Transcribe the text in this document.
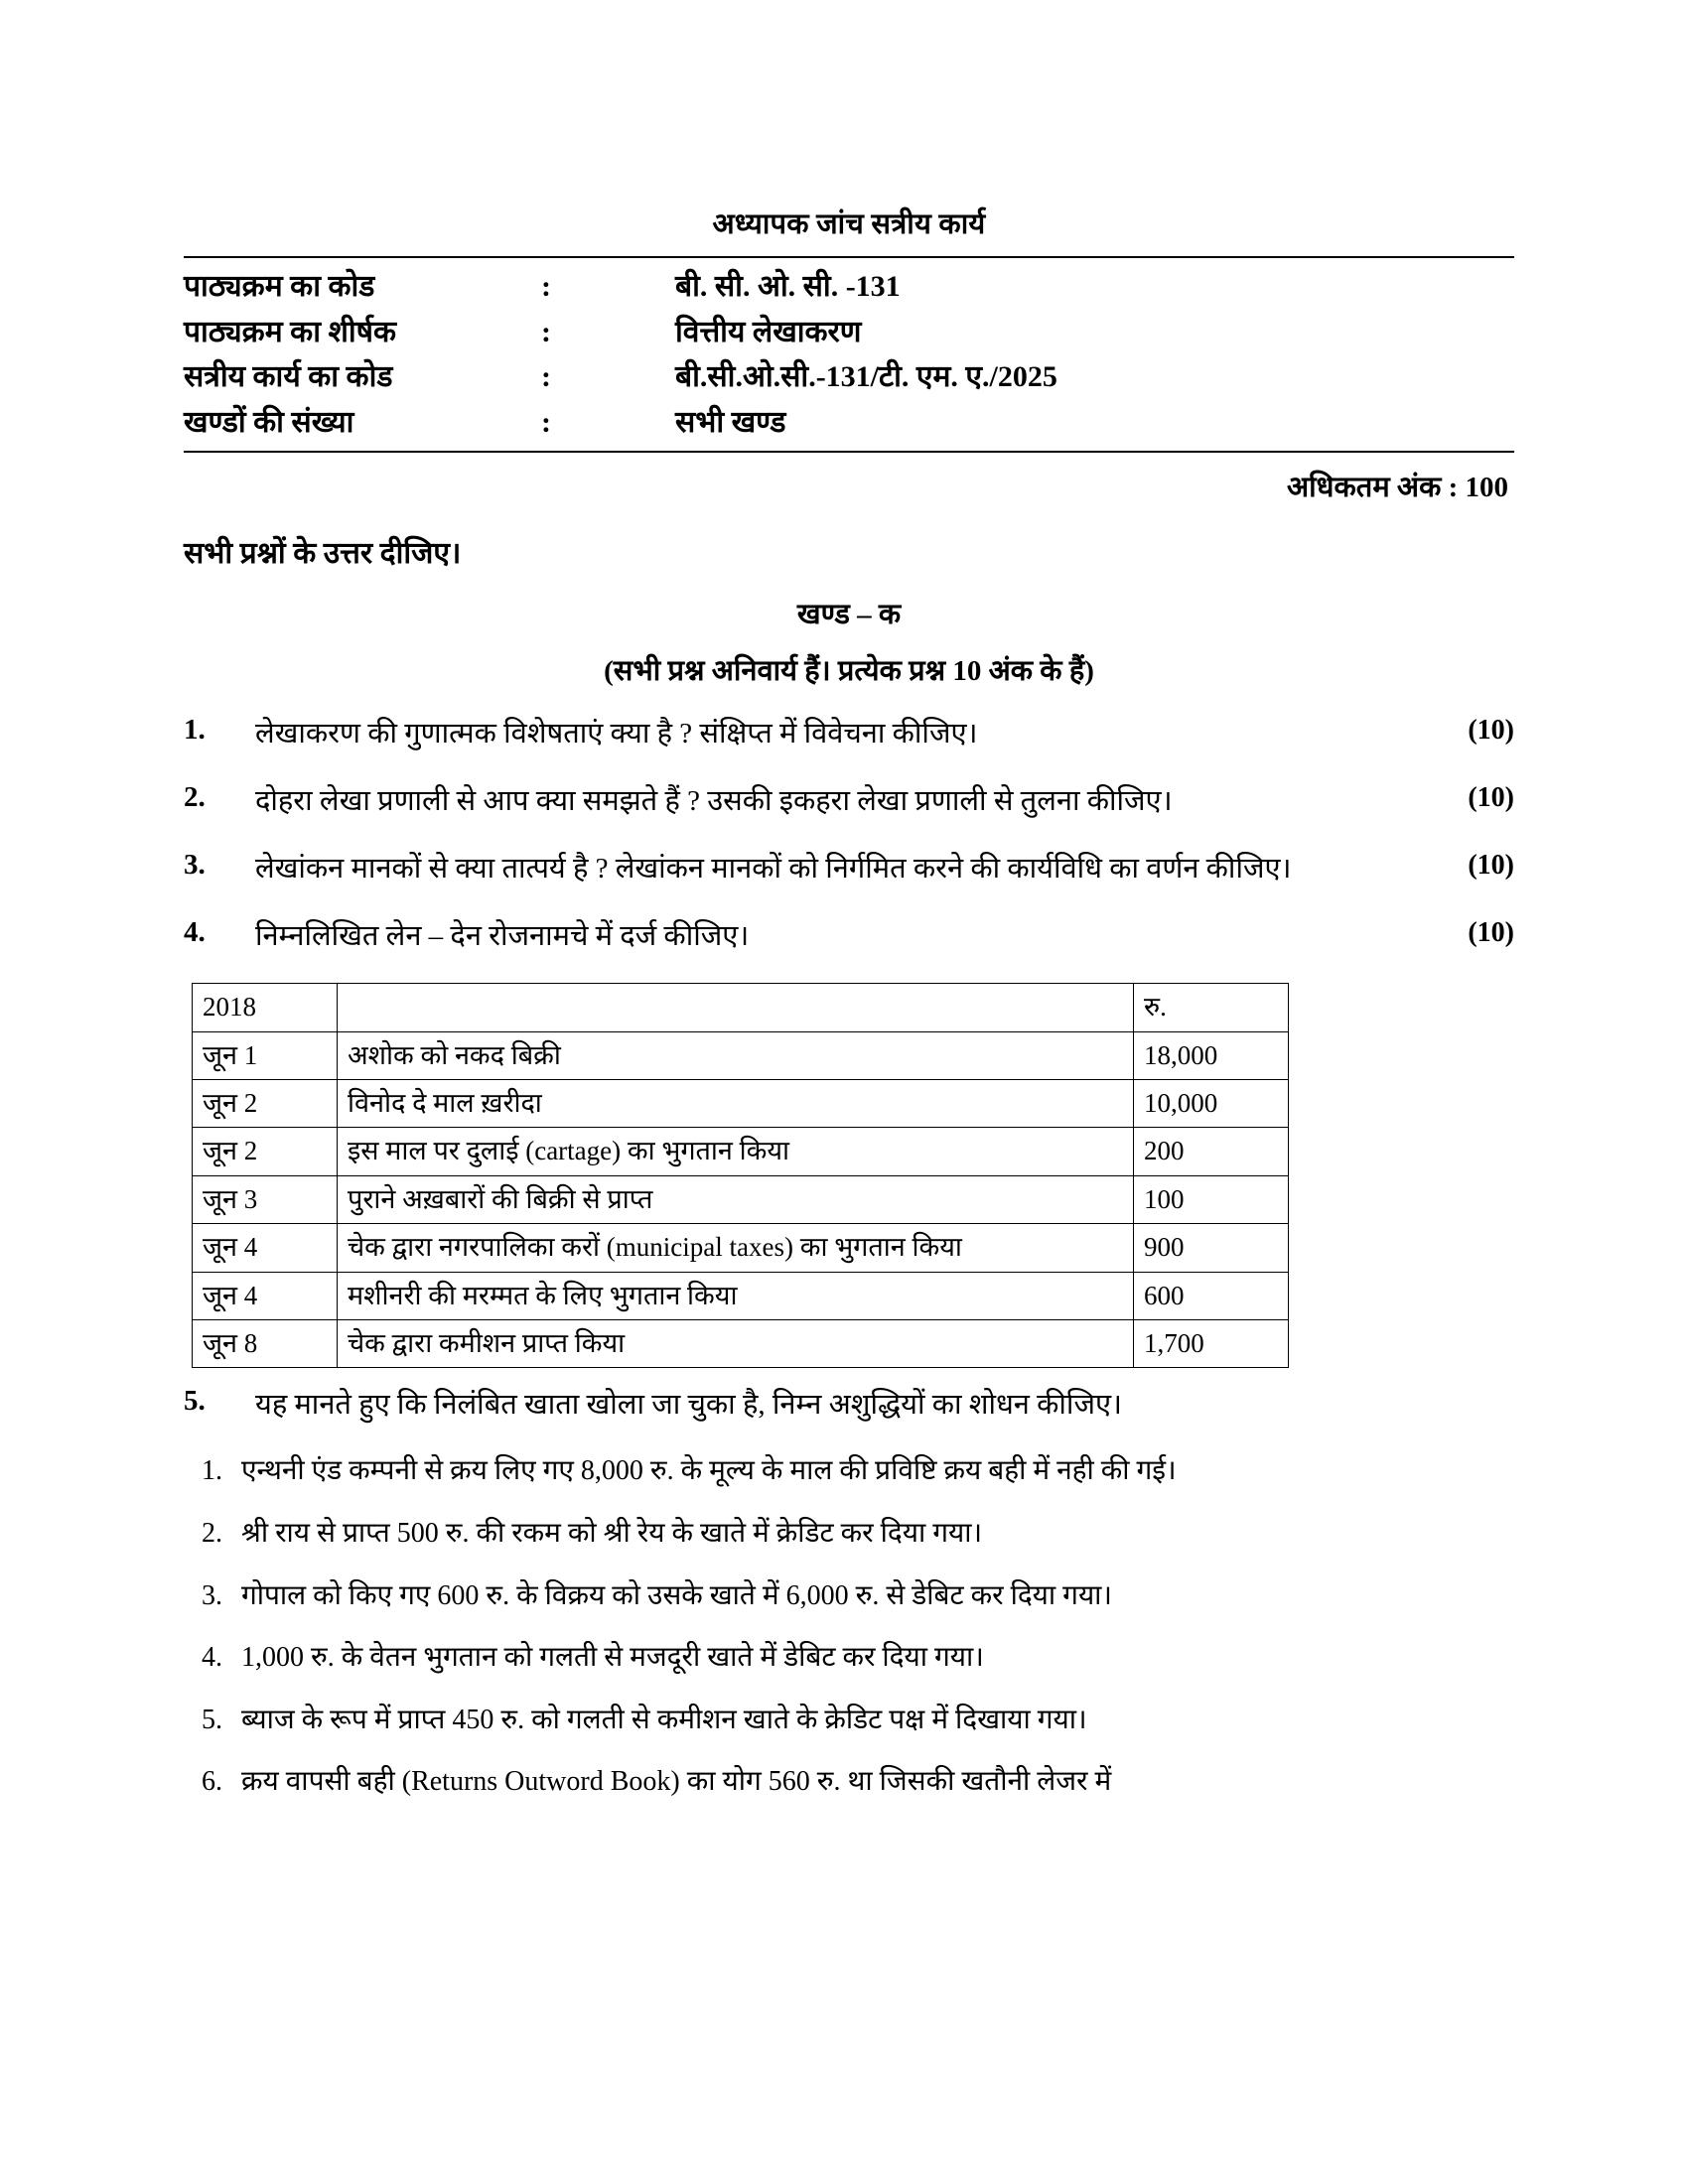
अध्यापक जांच सत्रीय कार्य
पाठ्यक्रम का कोड	:	बी. सी. ओ. सी. -131
पाठ्यक्रम का शीर्षक	:	वित्तीय लेखाकरण
सत्रीय कार्य का कोड	:	बी.सी.ओ.सी.-131/टी. एम. ए./2025
खण्डों की संख्या	:	सभी खण्ड
अधिकतम अंक : 100
सभी प्रश्नों के उत्तर दीजिए।
खण्ड – क
(सभी प्रश्न अनिवार्य हैं। प्रत्येक प्रश्न 10 अंक के हैं)
1.	लेखाकरण की गुणात्मक विशेषताएं क्या है ? संक्षिप्त में विवेचना कीजिए।	(10)
2.	दोहरा लेखा प्रणाली से आप क्या समझते हैं ? उसकी इकहरा लेखा प्रणाली से तुलना कीजिए।	(10)
3.	लेखांकन मानकों से क्या तात्पर्य है ? लेखांकन मानकों को निर्गमित करने की कार्यविधि का वर्णन कीजिए।	(10)
4.	निम्नलिखित लेन – देन रोजनामचे में दर्ज कीजिए।	(10)
2018		रु.
जून 1	अशोक को नकद बिक्री	18,000
जून 2	विनोद दे माल ख़रीदा	10,000
जून 2	इस माल पर दुलाई (cartage) का भुगतान किया	200
जून 3	पुराने अख़बारों की बिक्री से प्राप्त	100
जून 4	चेक द्वारा नगरपालिका करों (municipal taxes) का भुगतान किया	900
जून 4	मशीनरी की मरम्मत के लिए भुगतान किया	600
जून 8	चेक द्वारा कमीशन प्राप्त किया	1,700
5.	यह मानते हुए कि निलंबित खाता खोला जा चुका है, निम्न अशुद्धियों का शोधन कीजिए।
1. एन्थनी एंड कम्पनी से क्रय लिए गए 8,000 रु. के मूल्य के माल की प्रविष्टि क्रय बही में नही की गई।
2. श्री राय से प्राप्त 500 रु. की रकम को श्री रेय के खाते में क्रेडिट कर दिया गया।
3. गोपाल को किए गए 600 रु. के विक्रय को उसके खाते में 6,000 रु. से डेबिट कर दिया गया।
4. 1,000 रु. के वेतन भुगतान को गलती से मजदूरी खाते में डेबिट कर दिया गया।
5. ब्याज के रूप में प्राप्त 450 रु. को गलती से कमीशन खाते के क्रेडिट पक्ष में दिखाया गया।
6. क्रय वापसी बही (Returns Outword Book) का योग 560 रु. था जिसकी खतौनी लेजर में
